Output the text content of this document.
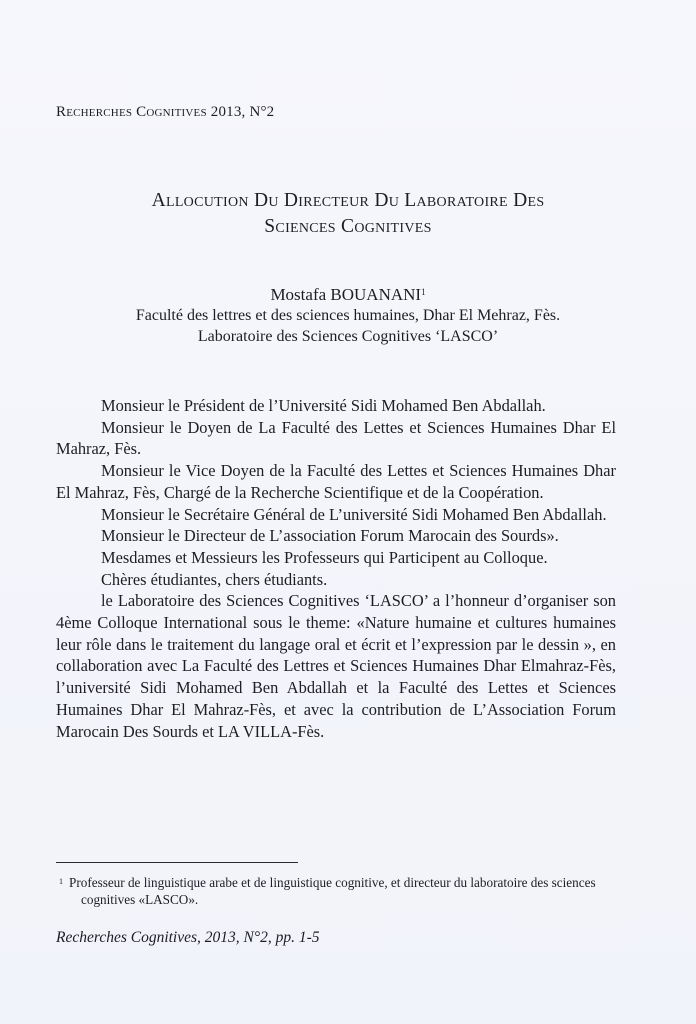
Recherches Cognitives 2013, N°2
Allocution Du Directeur Du Laboratoire Des
Sciences Cognitives
Mostafa BOUANANI$^1$
Faculté des lettres et des sciences humaines, Dhar El Mehraz, Fès.
Laboratoire des Sciences Cognitives ‘LASCO’

Monsieur le Président de l’Université Sidi Mohamed Ben Abdallah.

Monsieur le Doyen de La Faculté des Lettes et Sciences Humaines Dhar El Mahraz, Fès.

Monsieur le Vice Doyen de la Faculté des Lettes et Sciences Humaines Dhar El Mahraz, Fès, Chargé de la Recherche Scientifique et de la Coopération.

Monsieur le Secrétaire Général de L’université Sidi Mohamed Ben Abdallah.

Monsieur le Directeur de L’association Forum Marocain des Sourds».

Mesdames et Messieurs les Professeurs qui Participent au Colloque.

Chères étudiantes, chers étudiants.

le Laboratoire des Sciences Cognitives ‘LASCO’ a l’honneur d’organiser son 4ème Colloque International sous le theme: «Nature humaine et cultures humaines leur rôle dans le traitement du langage oral et écrit et l’expression par le dessin », en collaboration avec La Faculté des Lettres et Sciences Humaines Dhar Elmahraz-Fès, l’université Sidi Mohamed Ben Abdallah et la Faculté des Lettes et Sciences Humaines Dhar El Mahraz-Fès, et avec la contribution de L’Association Forum Marocain Des Sourds et LA VILLA-Fès.

$^1$ Professeur de linguistique arabe et de linguistique cognitive, et directeur du laboratoire des sciences cognitives «LASCO».
Recherches Cognitives, 2013, N°2, pp. 1-5
